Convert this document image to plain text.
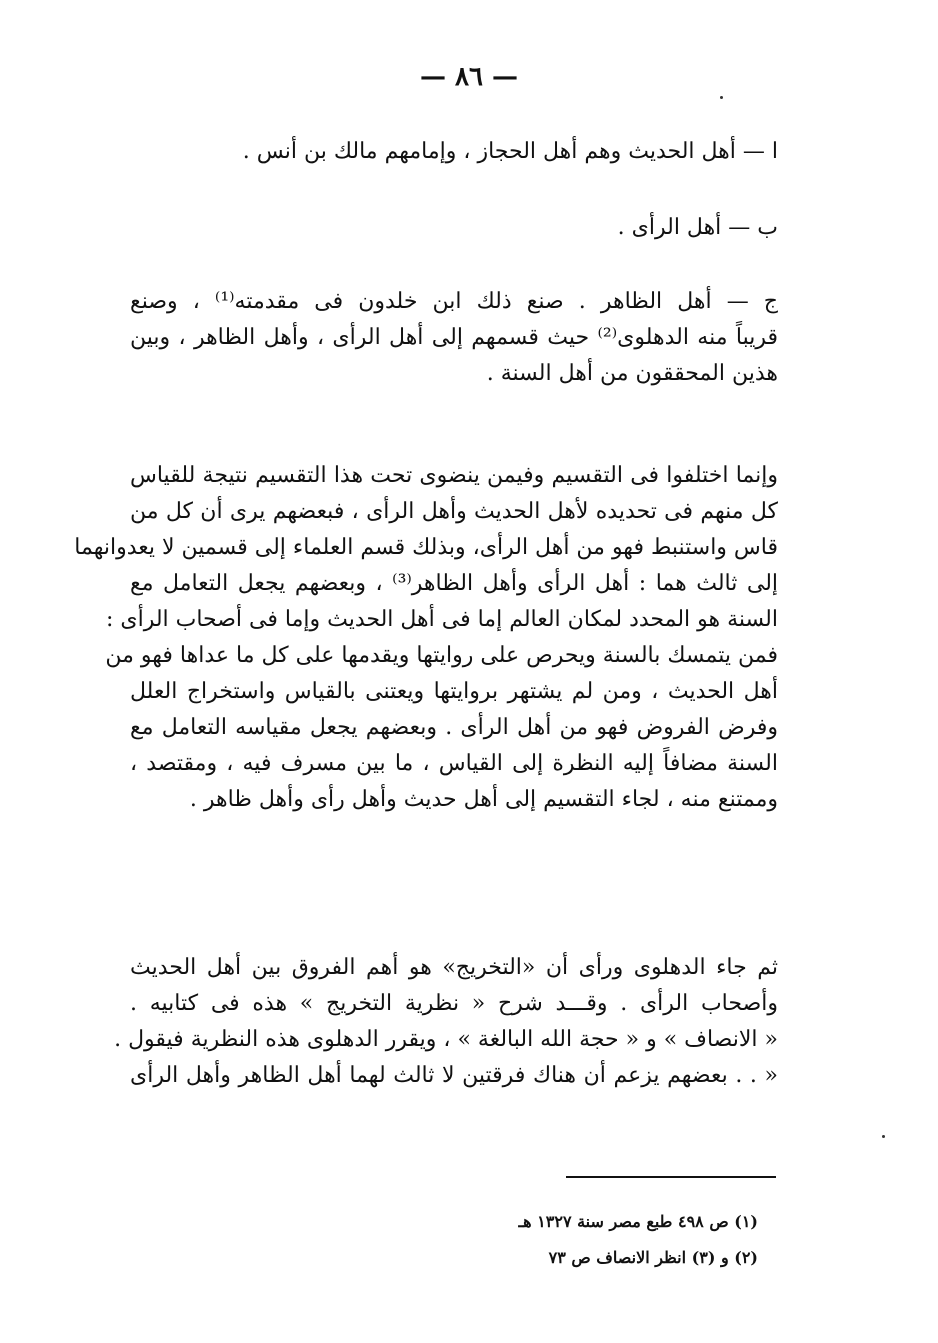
— ٨٦ —
ا — أهل الحديث وهم أهل الحجاز ، وإمامهم مالك بن أنس .
ب — أهل الرأى .
ج — أهل الظاهر . صنع ذلك ابن خلدون فى مقدمته⁽¹⁾ ، وصنع
قريباً منه الدهلوى⁽²⁾ حيث قسمهم إلى أهل الرأى ، وأهل الظاهر ، وبين
هذين المحققون من أهل السنة .
وإنما اختلفوا فى التقسيم وفيمن ينضوى تحت هذا التقسيم نتيجة للقياس
كل منهم فى تحديده لأهل الحديث وأهل الرأى ، فبعضهم يرى أن كل من
قاس واستنبط فهو من أهل الرأى، وبذلك قسم العلماء إلى قسمين لا يعدوانهما
إلى ثالث هما : أهل الرأى وأهل الظاهر⁽³⁾ ، وبعضهم يجعل التعامل مع
السنة هو المحدد لمكان العالم إما فى أهل الحديث وإما فى أصحاب الرأى :
فمن يتمسك بالسنة ويحرص على روايتها ويقدمها على كل ما عداها فهو من
أهل الحديث ، ومن لم يشتهر بروايتها ويعتنى بالقياس واستخراج العلل
وفرض الفروض فهو من أهل الرأى . وبعضهم يجعل مقياسه التعامل مع
السنة مضافاً إليه النظرة إلى القياس ، ما بين مسرف فيه ، ومقتصد ،
وممتنع منه ، لجاء التقسيم إلى أهل حديث وأهل رأى وأهل ظاهر .
ثم جاء الدهلوى ورأى أن «التخريج» هو أهم الفروق بين أهل الحديث
وأصحاب الرأى . وقـــد شرح « نظرية التخريج » هذه فى كتابيه .
« الانصاف » و « حجة الله البالغة » ، ويقرر الدهلوى هذه النظرية فيقول .
« . . بعضهم يزعم أن هناك فرقتين لا ثالث لهما أهل الظاهر وأهل الرأى
(١) ص ٤٩٨ طبع مصر سنة ١٣٢٧ هـ
(٢) و (٣) انظر الانصاف ص ٧٣
